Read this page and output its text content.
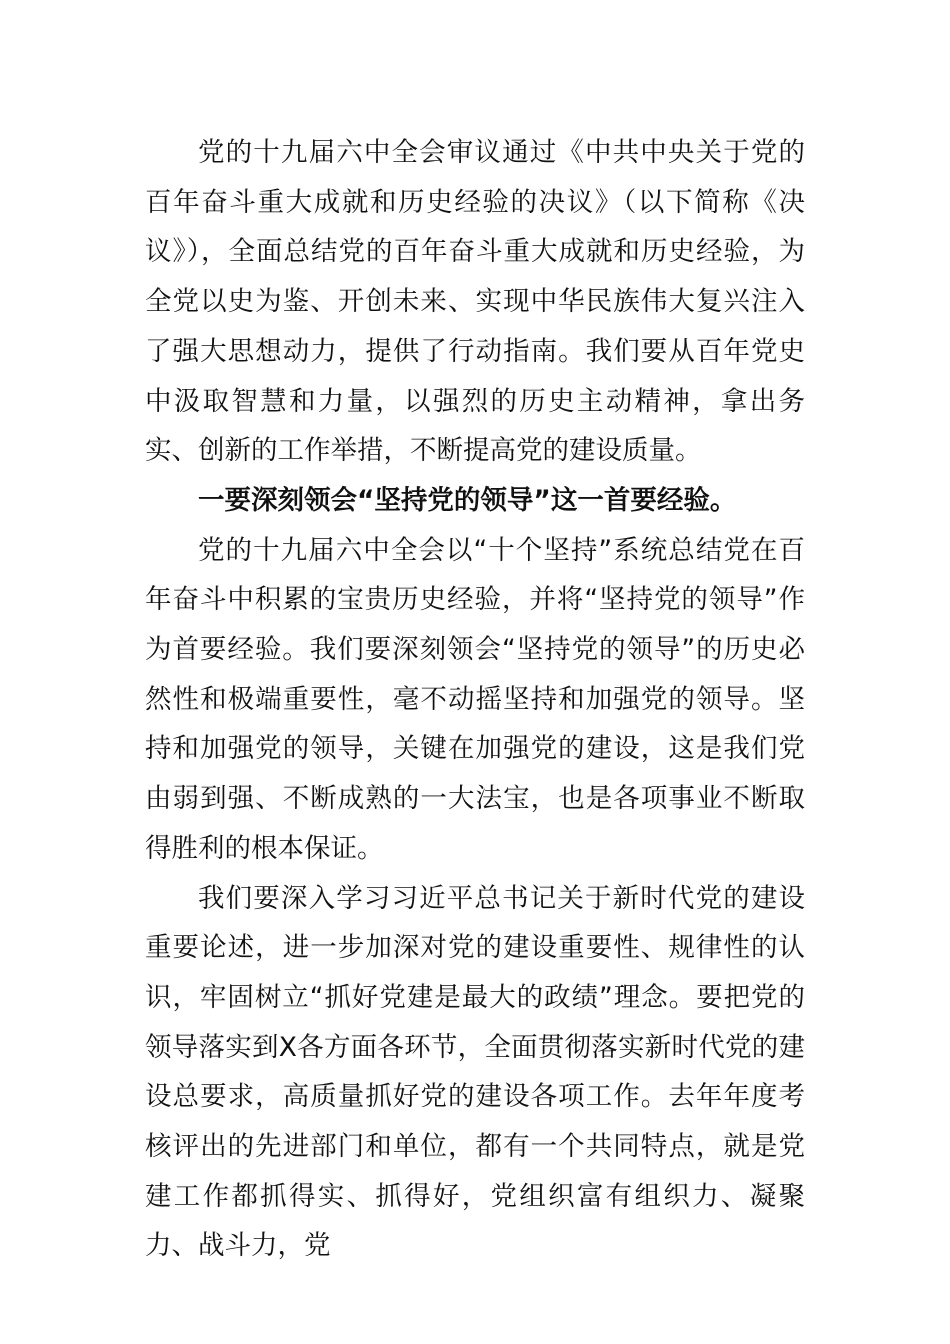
党的十九届六中全会审议通过《中共中央关于党的百年奋斗重大成就和历史经验的决议》（以下简称《决议》），全面总结党的百年奋斗重大成就和历史经验，为全党以史为鉴、开创未来、实现中华民族伟大复兴注入了强大思想动力，提供了行动指南。我们要从百年党史中汲取智慧和力量，以强烈的历史主动精神，拿出务实、创新的工作举措，不断提高党的建设质量。

一要深刻领会“坚持党的领导”这一首要经验。

党的十九届六中全会以“十个坚持”系统总结党在百年奋斗中积累的宝贵历史经验，并将“坚持党的领导”作为首要经验。我们要深刻领会“坚持党的领导”的历史必然性和极端重要性，毫不动摇坚持和加强党的领导。坚持和加强党的领导，关键在加强党的建设，这是我们党由弱到强、不断成熟的一大法宝，也是各项事业不断取得胜利的根本保证。

我们要深入学习习近平总书记关于新时代党的建设重要论述，进一步加深对党的建设重要性、规律性的认识，牢固树立“抓好党建是最大的政绩”理念。要把党的领导落实到X各方面各环节，全面贯彻落实新时代党的建设总要求，高质量抓好党的建设各项工作。去年年度考核评出的先进部门和单位，都有一个共同特点，就是党建工作都抓得实、抓得好，党组织富有组织力、凝聚力、战斗力，党
